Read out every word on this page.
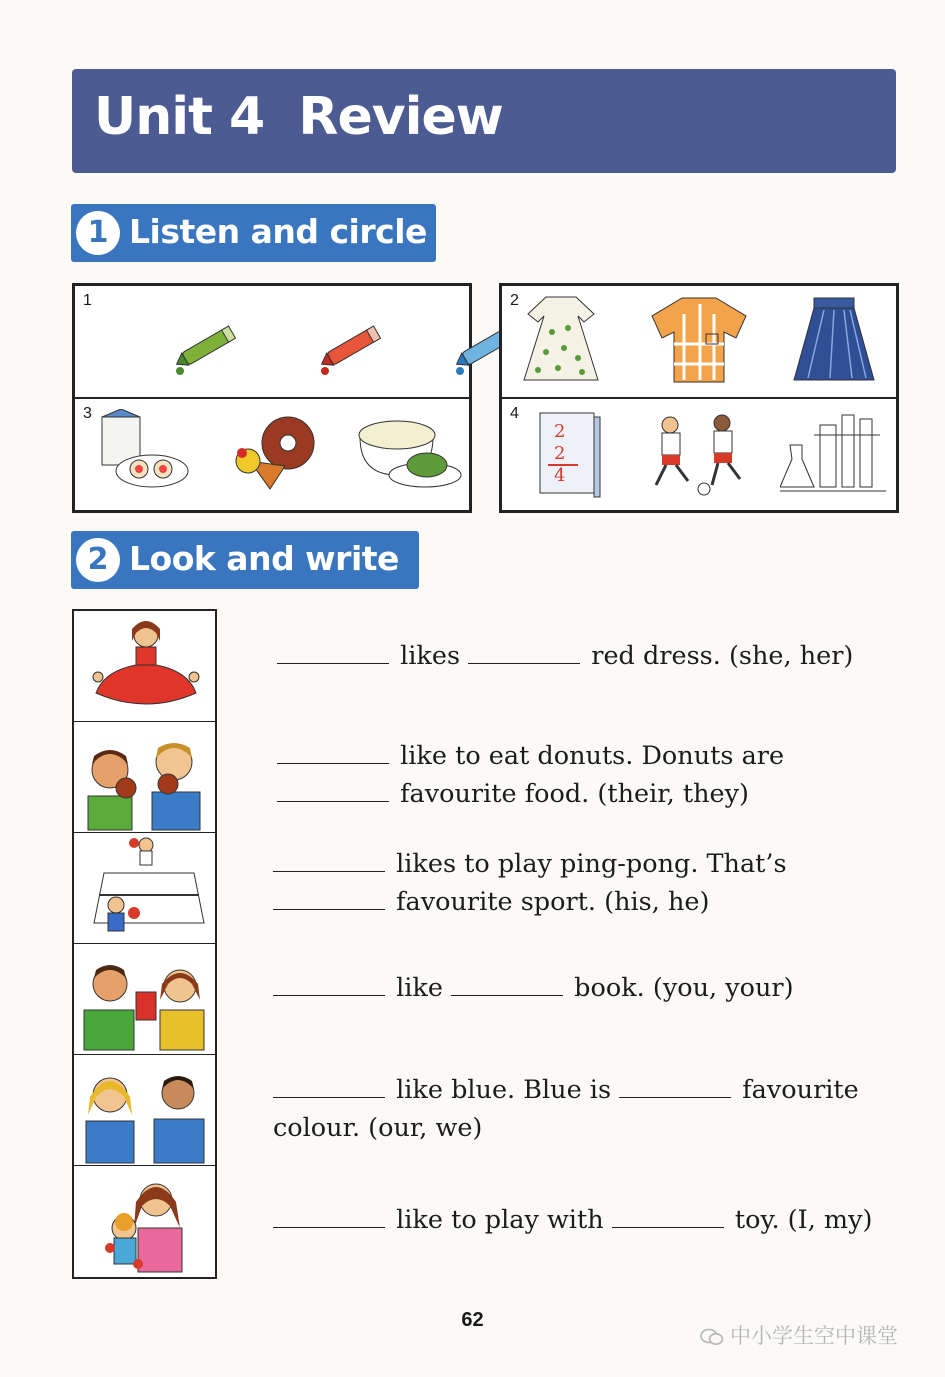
Unit 4  Review
1 Listen and circle
1
3
2
4
2
2
4
2 Look and write
likes	red dress. (she, her)
like to eat donuts. Donuts are
favourite food. (their, they)
likes to play ping-pong. That’s
favourite sport. (his, he)
like	book. (you, your)
like blue. Blue is	favourite
colour. (our, we)
like to play with	toy. (I, my)
62
中小学生空中课堂
